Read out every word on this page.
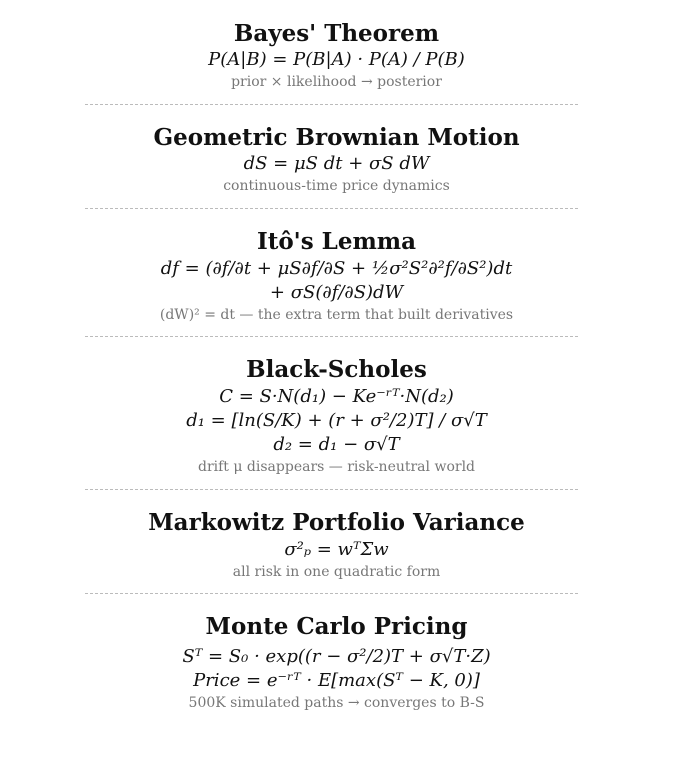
Bayes' Theorem
P(A|B) = P(B|A) · P(A) / P(B)
prior × likelihood → posterior
Geometric Brownian Motion
dS = μS dt + σS dW
continuous-time price dynamics
Itô's Lemma
df = (∂f/∂t + μS∂f/∂S + ½σ²S²∂²f/∂S²)dt
+ σS(∂f/∂S)dW
(dW)² = dt — the extra term that built derivatives
Black-Scholes
C = S·N(d₁) − Ke⁻ʳᵀ·N(d₂)
d₁ = [ln(S/K) + (r + σ²/2)T] / σ√T
d₂ = d₁ − σ√T
drift μ disappears — risk-neutral world
Markowitz Portfolio Variance
σ²ₚ = wᵀΣw
all risk in one quadratic form
Monte Carlo Pricing
Sᵀ = S₀ · exp((r − σ²/2)T + σ√T·Z)
Price = e⁻ʳᵀ · E[max(Sᵀ − K, 0)]
500K simulated paths → converges to B-S
